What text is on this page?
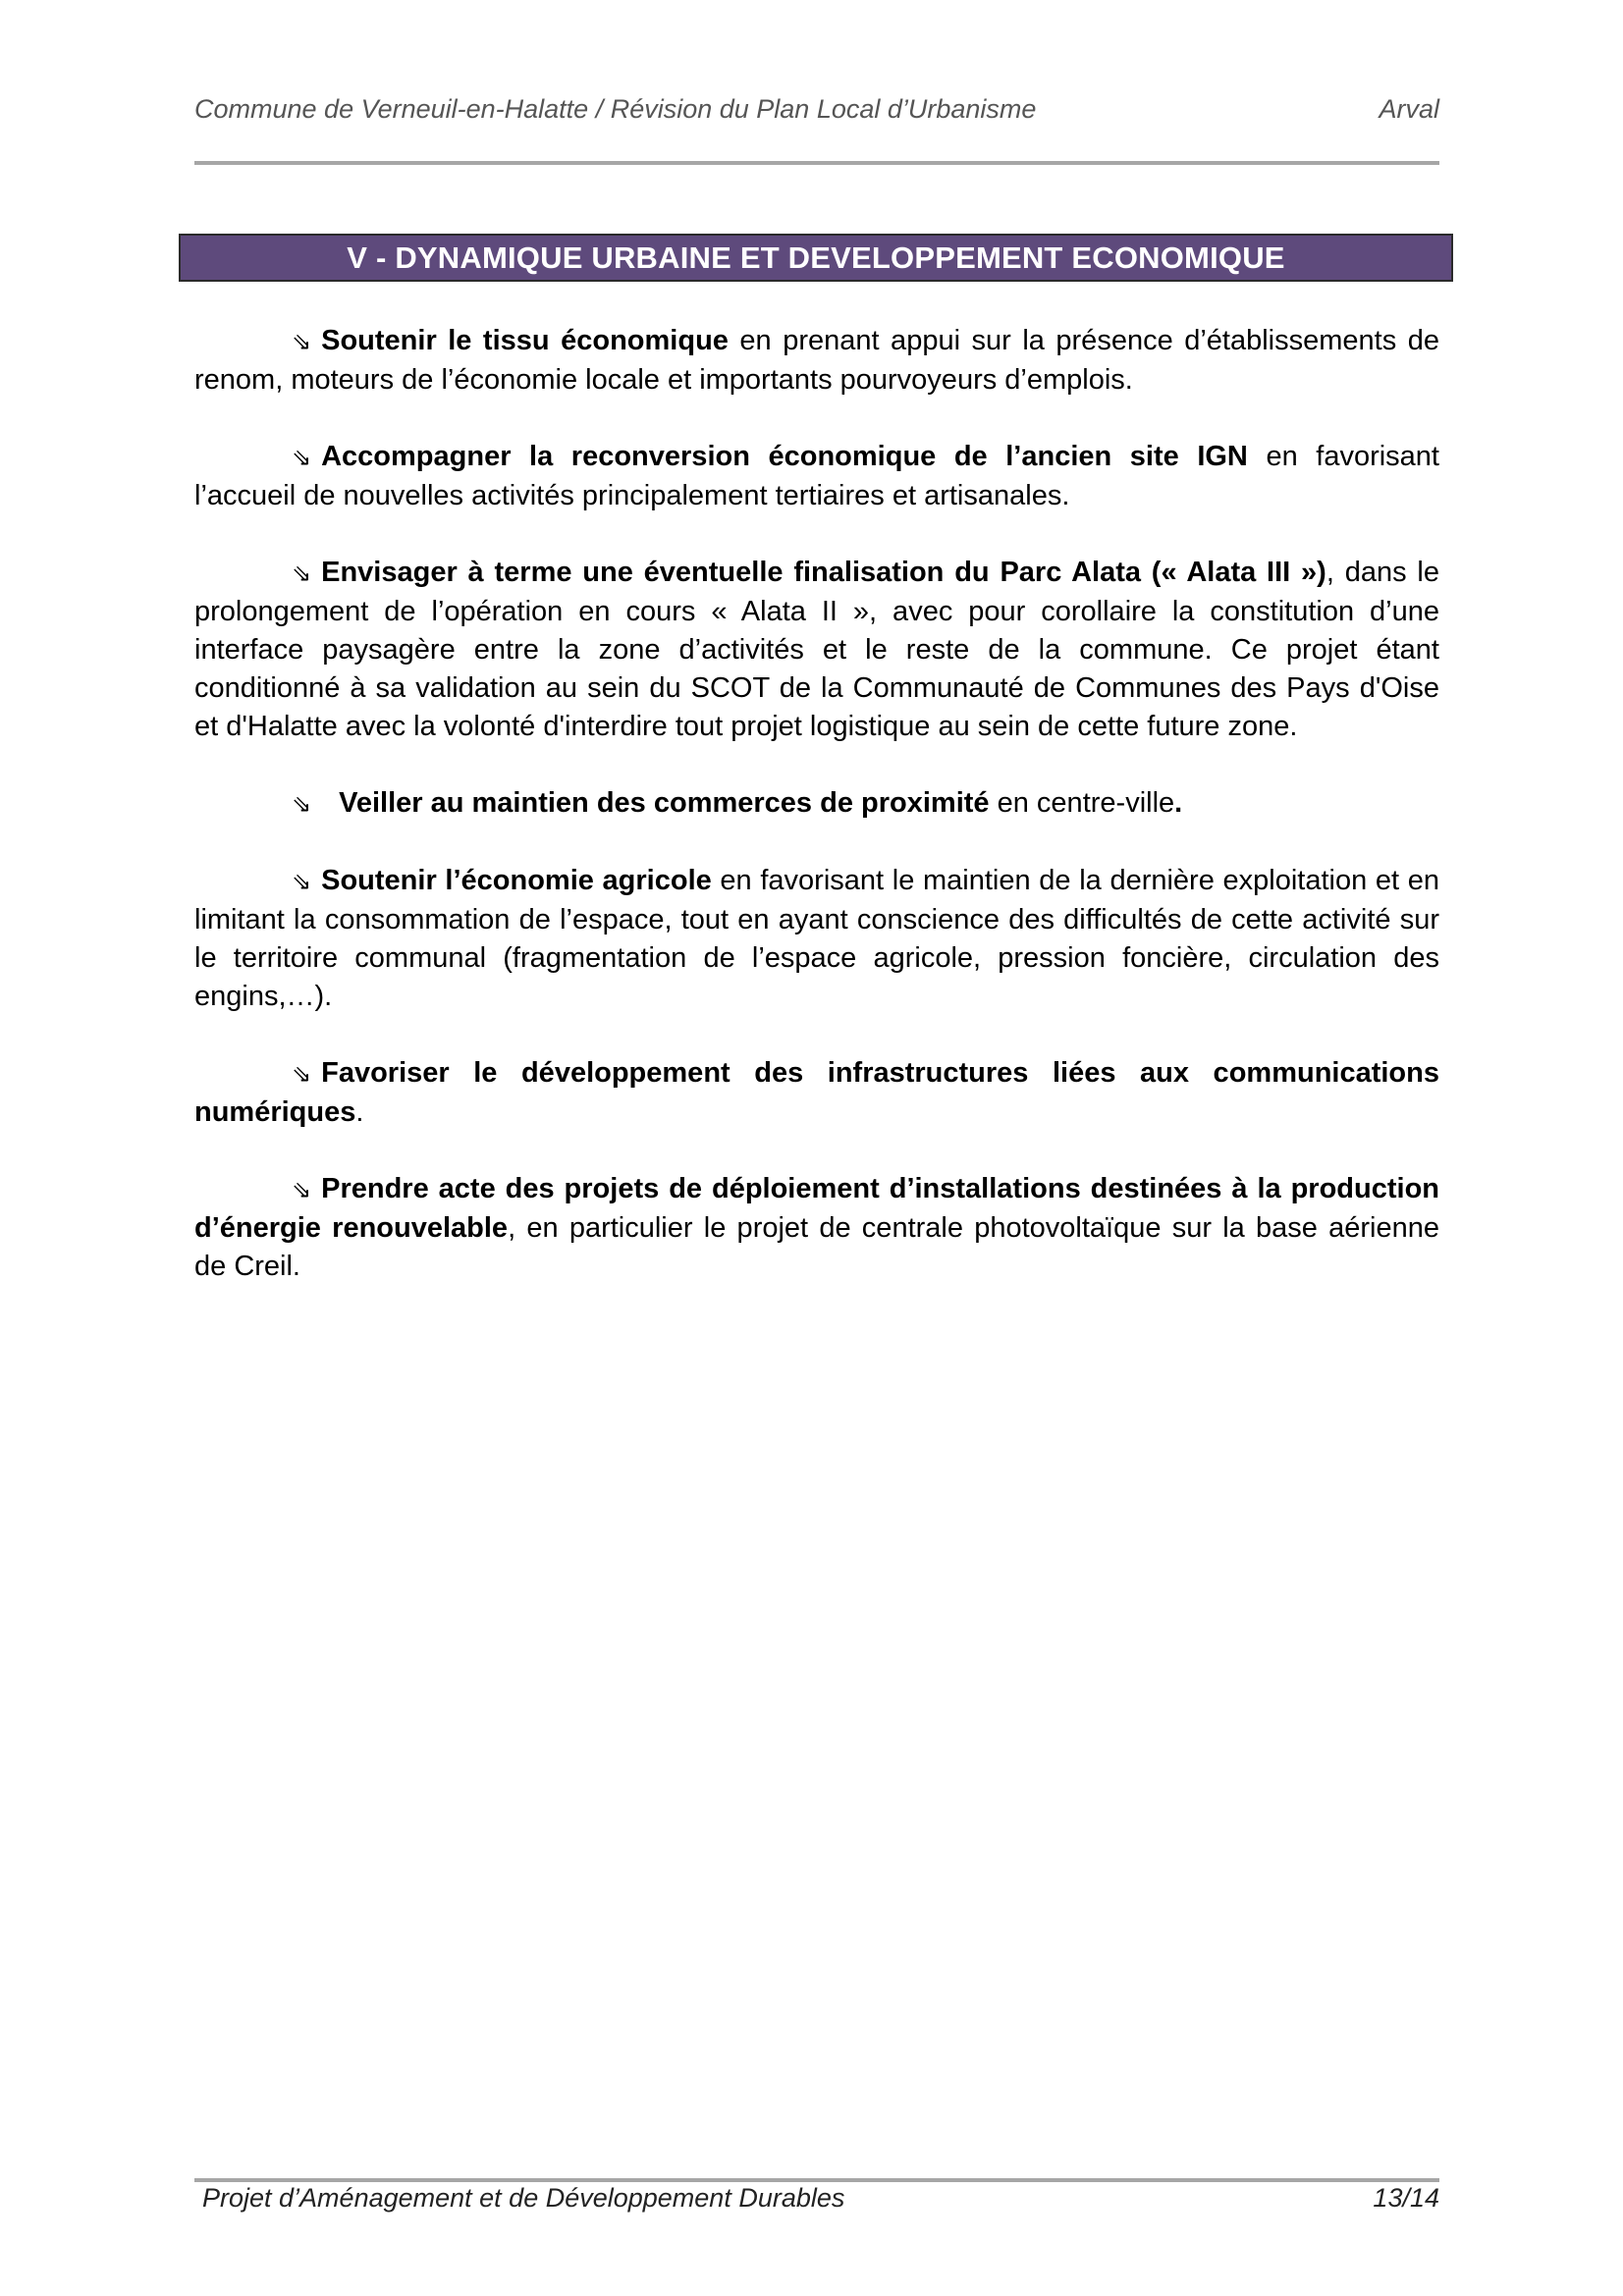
Commune de Verneuil-en-Halatte / Révision du Plan Local d’Urbanisme	Arval
V - DYNAMIQUE URBAINE ET DEVELOPPEMENT ECONOMIQUE

⇘ Soutenir le tissu économique en prenant appui sur la présence d’établissements de renom, moteurs de l’économie locale et importants pourvoyeurs d’emplois.

⇘ Accompagner la reconversion économique de l’ancien site IGN en favorisant l’accueil de nouvelles activités principalement tertiaires et artisanales.

⇘ Envisager à terme une éventuelle finalisation du Parc Alata (« Alata III »), dans le prolongement de l’opération en cours « Alata II », avec pour corollaire la constitution d’une interface paysagère entre la zone d’activités et le reste de la commune. Ce projet étant conditionné à sa validation au sein du SCOT de la Communauté de Communes des Pays d'Oise et d'Halatte avec la volonté d'interdire tout projet logistique au sein de cette future zone.

⇘ Veiller au maintien des commerces de proximité en centre-ville.

⇘ Soutenir l’économie agricole en favorisant le maintien de la dernière exploitation et en limitant la consommation de l’espace, tout en ayant conscience des difficultés de cette activité sur le territoire communal (fragmentation de l’espace agricole, pression foncière, circulation des engins,…).

⇘ Favoriser le développement des infrastructures liées aux communications numériques.

⇘ Prendre acte des projets de déploiement d’installations destinées à la production d’énergie renouvelable, en particulier le projet de centrale photovoltaïque sur la base aérienne de Creil.

Projet d’Aménagement et de Développement Durables	13/14
